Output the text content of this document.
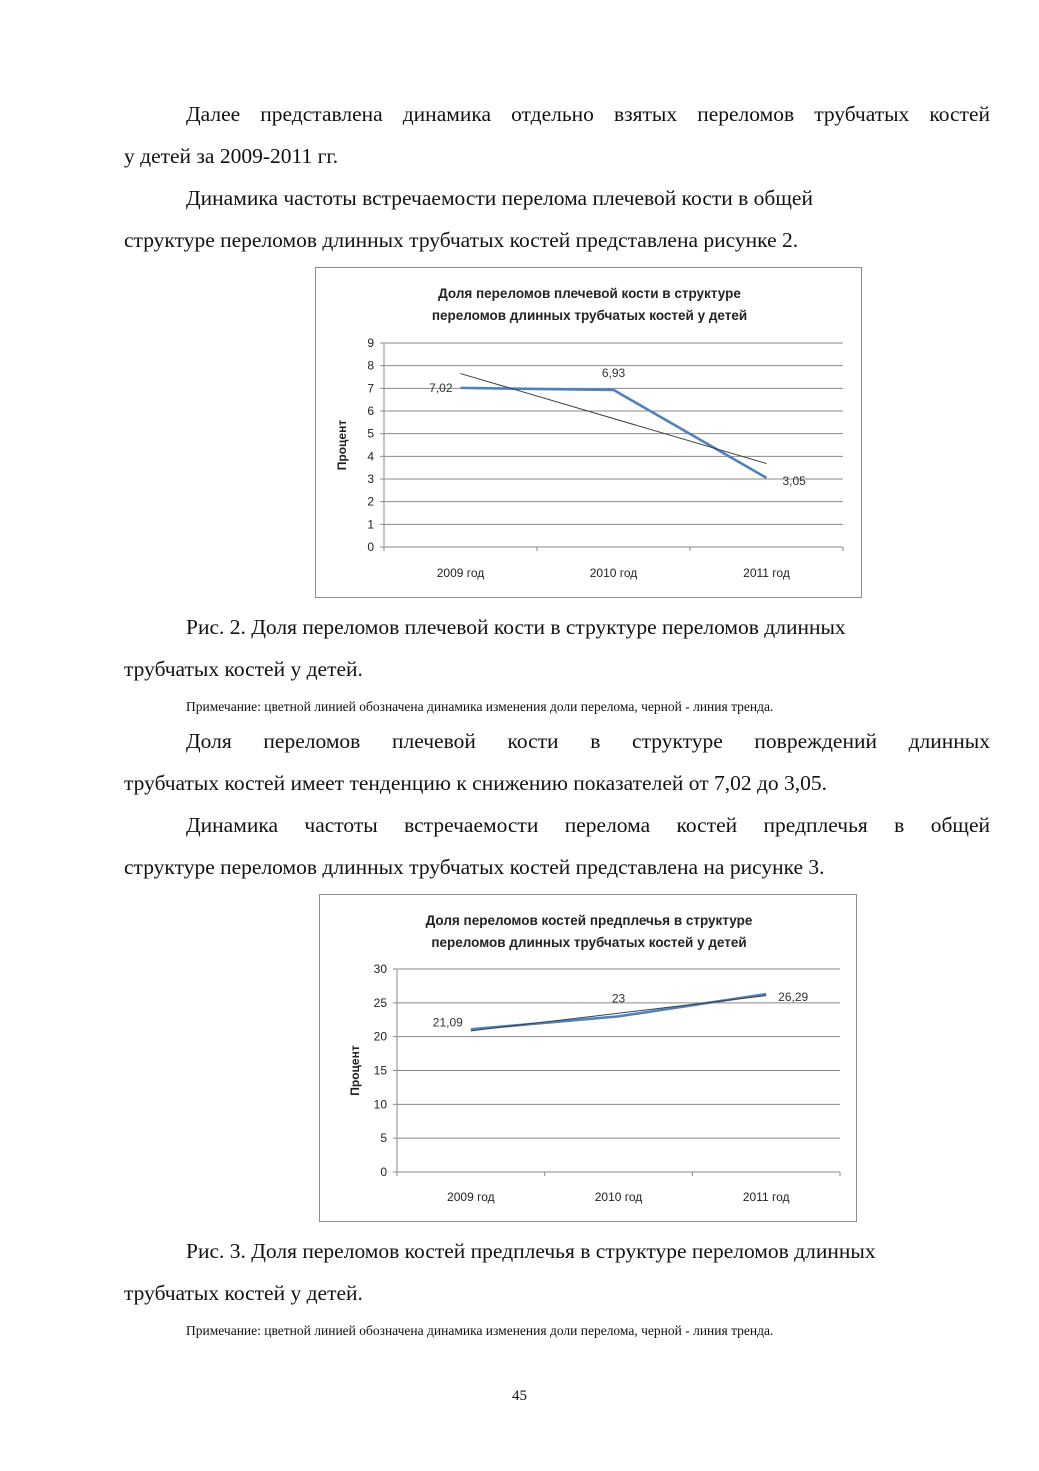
Далее представлена динамика отдельно взятых переломов трубчатых костей

у детей за 2009-2011 гг.

Динамика частоты встречаемости перелома плечевой кости в общей

структуре переломов длинных трубчатых костей представлена рисунке 2.

Доля переломов плечевой кости в структуре
переломов длинных трубчатых костей у детей
0
1
2
3
4
5
6
7
8
9
2009 год	2010 год	2011 год
Процент
7,02
6,93
3,05

Рис. 2. Доля переломов плечевой кости в структуре переломов длинных

трубчатых костей у детей.

Примечание: цветной линией обозначена динамика изменения доли перелома, черной - линия тренда.

Доля переломов плечевой кости в структуре повреждений длинных

трубчатых костей имеет тенденцию к снижению показателей от 7,02 до 3,05.

Динамика частоты встречаемости перелома костей предплечья в общей

структуре переломов длинных трубчатых костей представлена на рисунке 3.

Доля переломов костей предплечья в структуре
переломов длинных трубчатых костей у детей
0
5
10
15
20
25
30
2009 год	2010 год	2011 год
Процент
21,09
23	26,29

Рис. 3. Доля переломов костей предплечья в структуре переломов длинных

трубчатых костей у детей.

Примечание: цветной линией обозначена динамика изменения доли перелома, черной - линия тренда.

45
